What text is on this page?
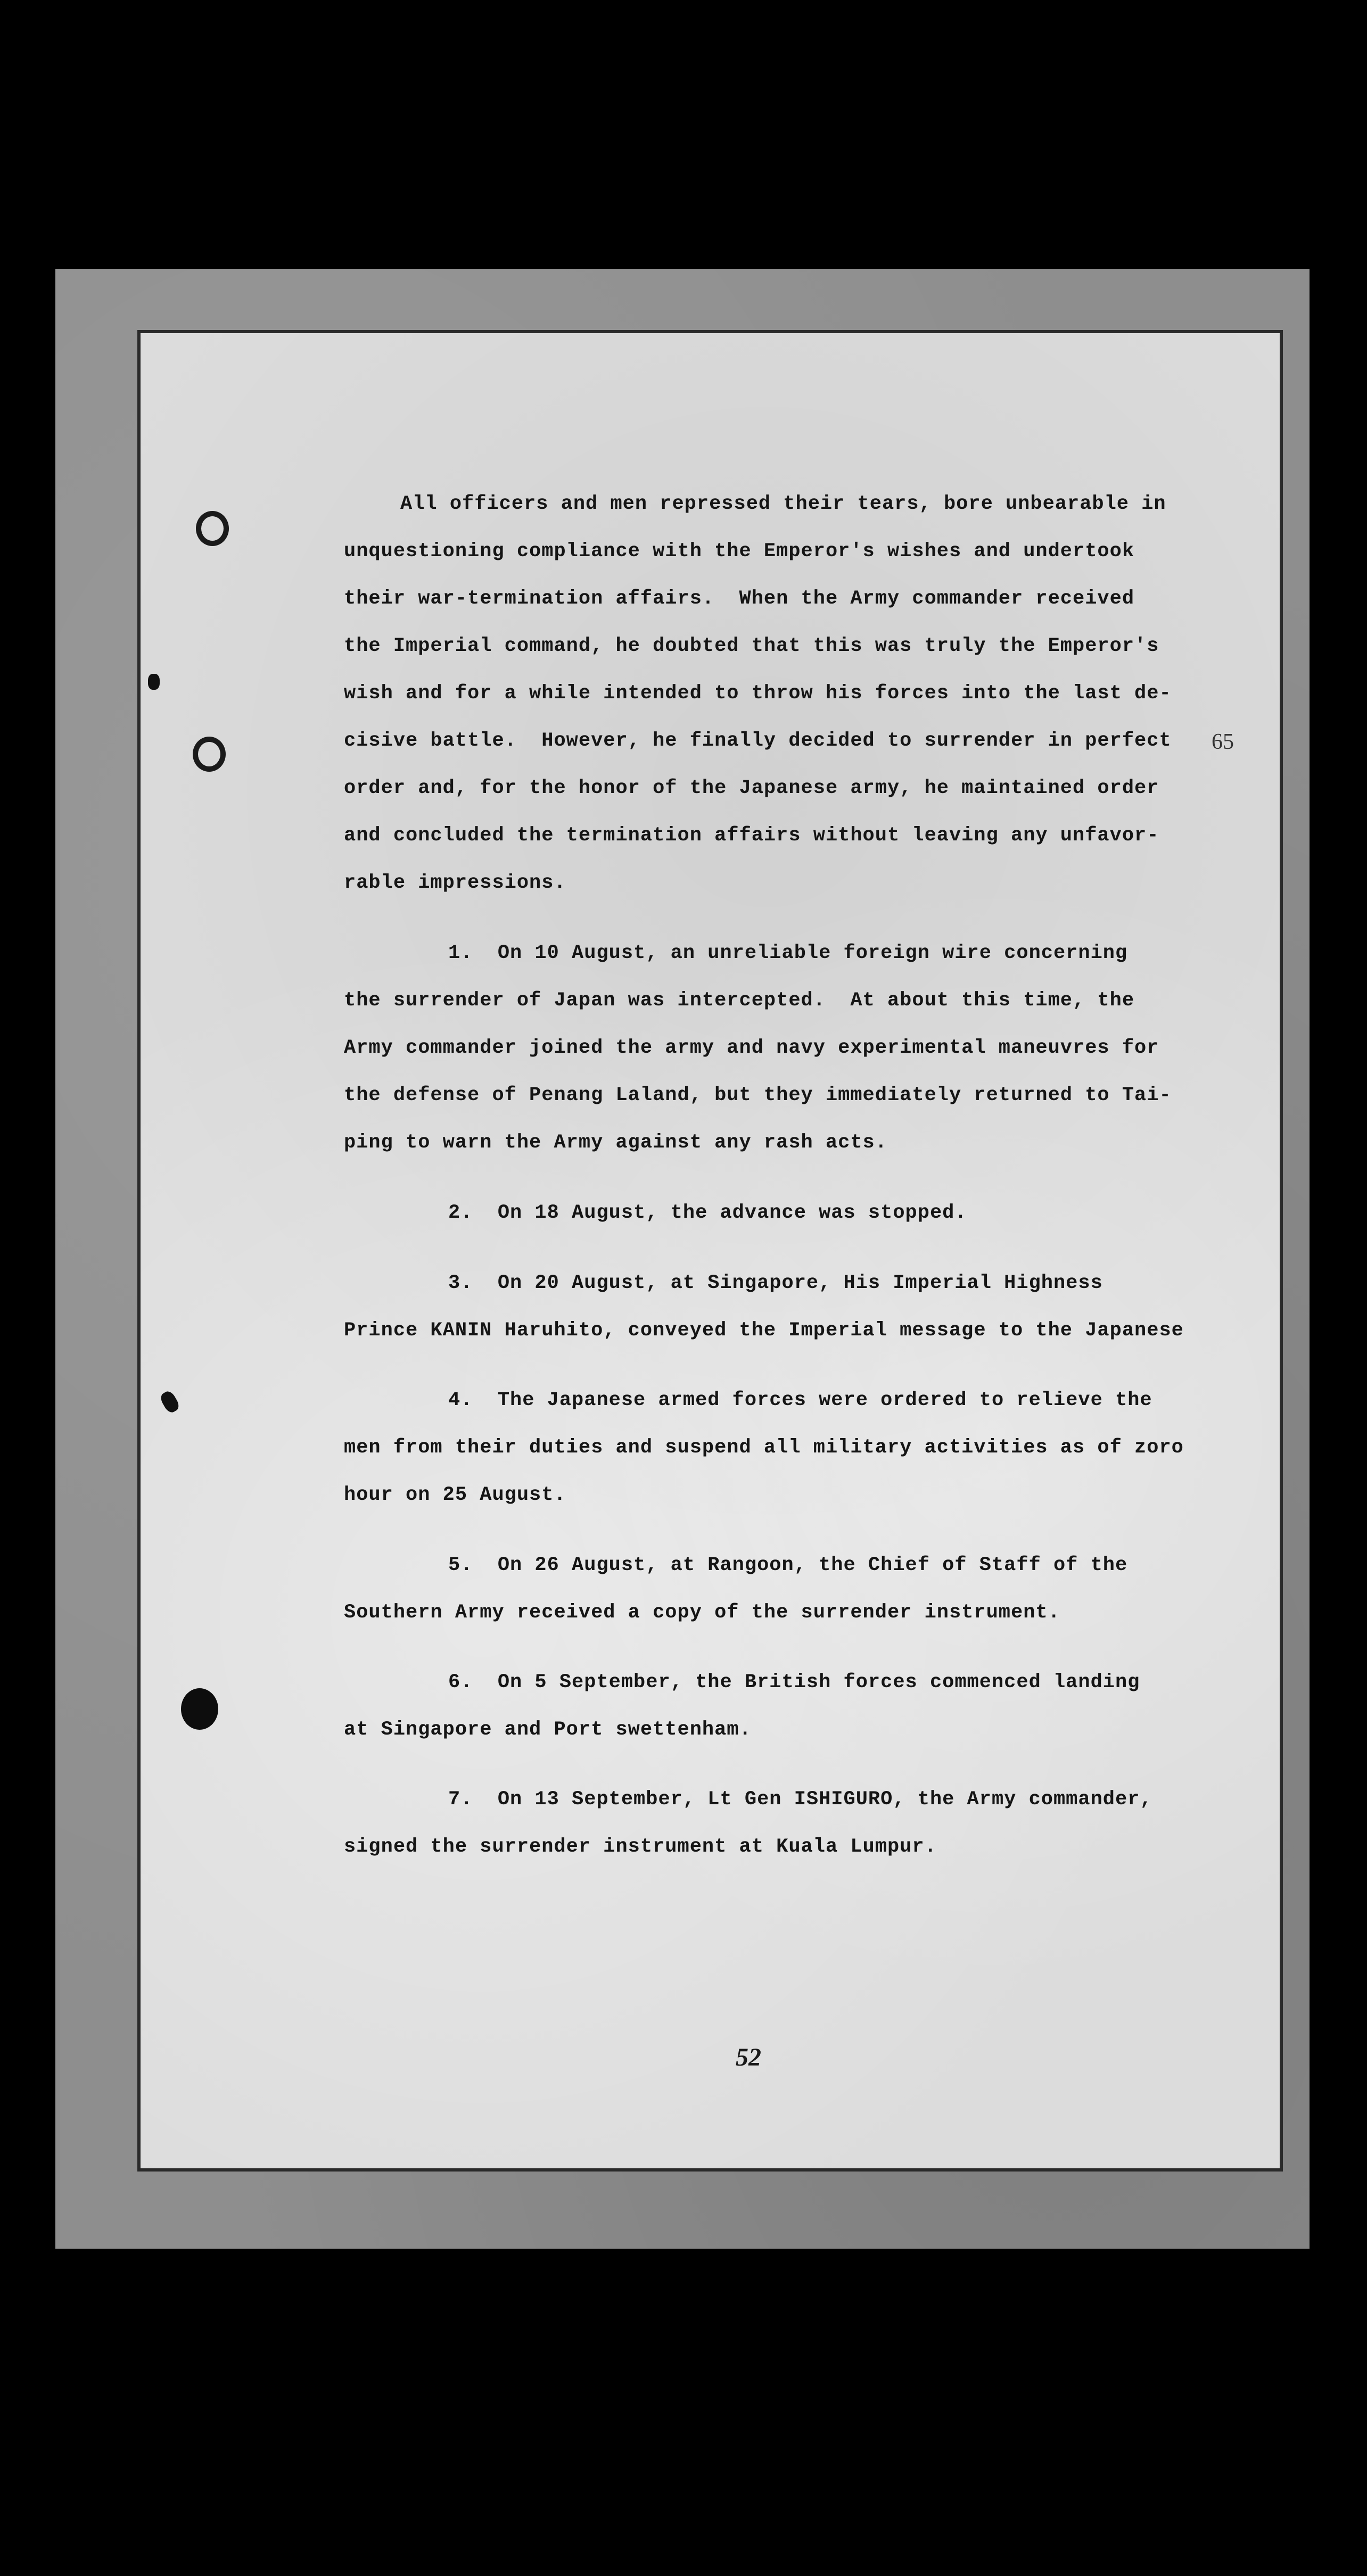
All officers and men repressed their tears, bore unbearable in
unquestioning compliance with the Emperor's wishes and undertook
their war-termination affairs.  When the Army commander received
the Imperial command, he doubted that this was truly the Emperor's
wish and for a while intended to throw his forces into the last de-
cisive battle.  However, he finally decided to surrender in perfect
order and, for the honor of the Japanese army, he maintained order
and concluded the termination affairs without leaving any unfavor-
rable impressions.
65
1.  On 10 August, an unreliable foreign wire concerning
the surrender of Japan was intercepted.  At about this time, the
Army commander joined the army and navy experimental maneuvres for
the defense of Penang Laland, but they immediately returned to Tai-
ping to warn the Army against any rash acts.
2.  On 18 August, the advance was stopped.
3.  On 20 August, at Singapore, His Imperial Highness
Prince KANIN Haruhito, conveyed the Imperial message to the Japanese
4.  The Japanese armed forces were ordered to relieve the
men from their duties and suspend all military activities as of zoro
hour on 25 August.
5.  On 26 August, at Rangoon, the Chief of Staff of the
Southern Army received a copy of the surrender instrument.
6.  On 5 September, the British forces commenced landing
at Singapore and Port swettenham.
7.  On 13 September, Lt Gen ISHIGURO, the Army commander,
signed the surrender instrument at Kuala Lumpur.
52
